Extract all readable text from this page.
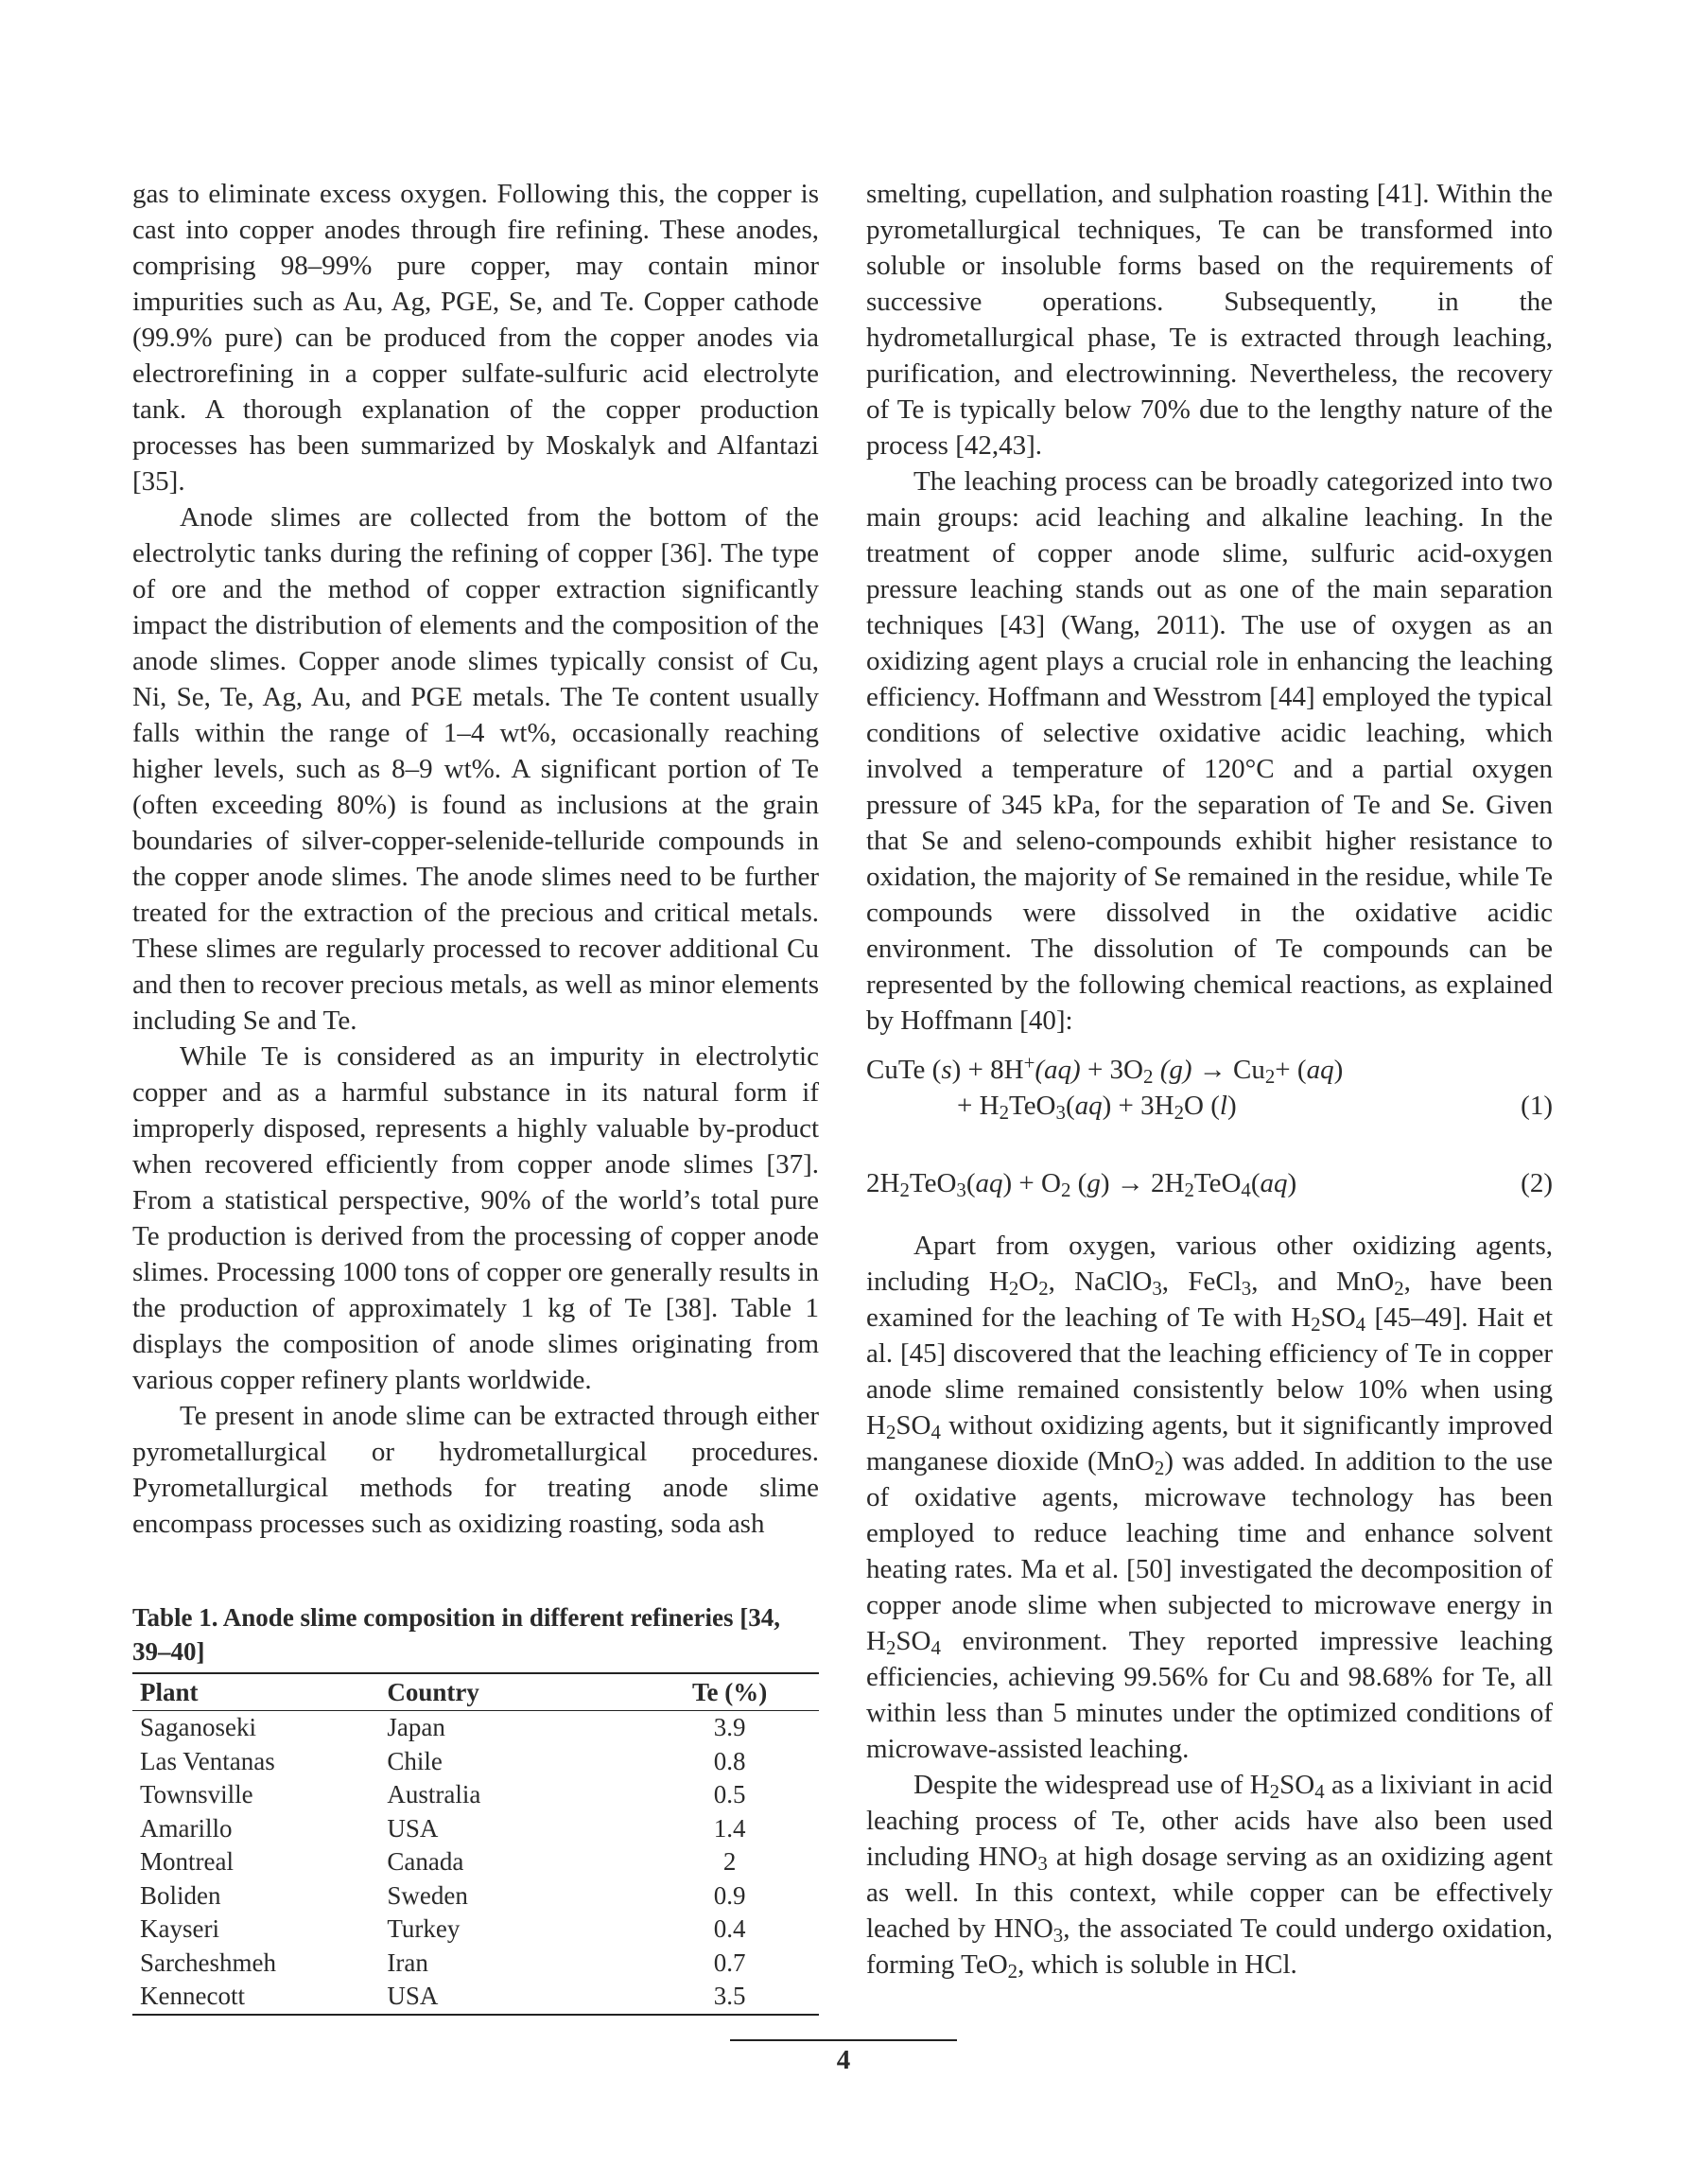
gas to eliminate excess oxygen. Following this, the copper is cast into copper anodes through fire refining. These anodes, comprising 98–99% pure copper, may contain minor impurities such as Au, Ag, PGE, Se, and Te. Copper cathode (99.9% pure) can be produced from the copper anodes via electrorefining in a copper sulfate-sulfuric acid electrolyte tank. A thorough explanation of the copper production processes has been summarized by Moskalyk and Alfantazi [35].

Anode slimes are collected from the bottom of the electrolytic tanks during the refining of copper [36]. The type of ore and the method of copper extraction significantly impact the distribution of elements and the composition of the anode slimes. Copper anode slimes typically consist of Cu, Ni, Se, Te, Ag, Au, and PGE metals. The Te content usually falls within the range of 1–4 wt%, occasionally reaching higher levels, such as 8–9 wt%. A significant portion of Te (often exceeding 80%) is found as inclusions at the grain boundaries of silver-copper-selenide-telluride compounds in the copper anode slimes. The anode slimes need to be further treated for the extraction of the precious and critical metals. These slimes are regularly processed to recover additional Cu and then to recover precious metals, as well as minor elements including Se and Te.

While Te is considered as an impurity in electrolytic copper and as a harmful substance in its natural form if improperly disposed, represents a highly valuable by-product when recovered efficiently from copper anode slimes [37]. From a statistical perspective, 90% of the world’s total pure Te production is derived from the processing of copper anode slimes. Processing 1000 tons of copper ore generally results in the production of approximately 1 kg of Te [38]. Table 1 displays the composition of anode slimes originating from various copper refinery plants worldwide.

Te present in anode slime can be extracted through either pyrometallurgical or hydrometallurgical procedures. Pyrometallurgical methods for treating anode slime encompass processes such as oxidizing roasting, soda ash

Table 1. Anode slime composition in different refineries [34, 39–40]
Plant	Country	Te (%)
Saganoseki	Japan	3.9
Las Ventanas	Chile	0.8
Townsville	Australia	0.5
Amarillo	USA	1.4
Montreal	Canada	2
Boliden	Sweden	0.9
Kayseri	Turkey	0.4
Sarcheshmeh	Iran	0.7
Kennecott	USA	3.5

smelting, cupellation, and sulphation roasting [41]. Within the pyrometallurgical techniques, Te can be transformed into soluble or insoluble forms based on the requirements of successive operations. Subsequently, in the hydrometallurgical phase, Te is extracted through leaching, purification, and electrowinning. Nevertheless, the recovery of Te is typically below 70% due to the lengthy nature of the process [42,43].

The leaching process can be broadly categorized into two main groups: acid leaching and alkaline leaching. In the treatment of copper anode slime, sulfuric acid-oxygen pressure leaching stands out as one of the main separation techniques [43] (Wang, 2011). The use of oxygen as an oxidizing agent plays a crucial role in enhancing the leaching efficiency. Hoffmann and Wesstrom [44] employed the typical conditions of selective oxidative acidic leaching, which involved a temperature of 120°C and a partial oxygen pressure of 345 kPa, for the separation of Te and Se. Given that Se and seleno-compounds exhibit higher resistance to oxidation, the majority of Se remained in the residue, while Te compounds were dissolved in the oxidative acidic environment. The dissolution of Te compounds can be represented by the following chemical reactions, as explained by Hoffmann [40]:

CuTe $(s) + 8H^+(aq) + 3O_2$ $(g) \to Cu_2+ (aq)$
+ $H_2TeO_3(aq) + 3H_2O$ (l)	(1)
$2H_2TeO_3(aq) + O_2$ $(g) \to 2H_2TeO_4(aq)$	(2)

Apart from oxygen, various other oxidizing agents, including $H_2O_2$, NaClO$_3$, FeCl$_3$, and MnO$_2$, have been examined for the leaching of Te with $H_2SO_4$ [45–49]. Hait et al. [45] discovered that the leaching efficiency of Te in copper anode slime remained consistently below 10% when using $H_2SO_4$ without oxidizing agents, but it significantly improved manganese dioxide (MnO$_2$) was added. In addition to the use of oxidative agents, microwave technology has been employed to reduce leaching time and enhance solvent heating rates. Ma et al. [50] investigated the decomposition of copper anode slime when subjected to microwave energy in $H_2SO_4$ environment. They reported impressive leaching efficiencies, achieving 99.56% for Cu and 98.68% for Te, all within less than 5 minutes under the optimized conditions of microwave-assisted leaching.

Despite the widespread use of $H_2SO_4$ as a lixiviant in acid leaching process of Te, other acids have also been used including $HNO_3$ at high dosage serving as an oxidizing agent as well. In this context, while copper can be effectively leached by $HNO_3$, the associated Te could undergo oxidation, forming TeO$_2$, which is soluble in HCl.

4
